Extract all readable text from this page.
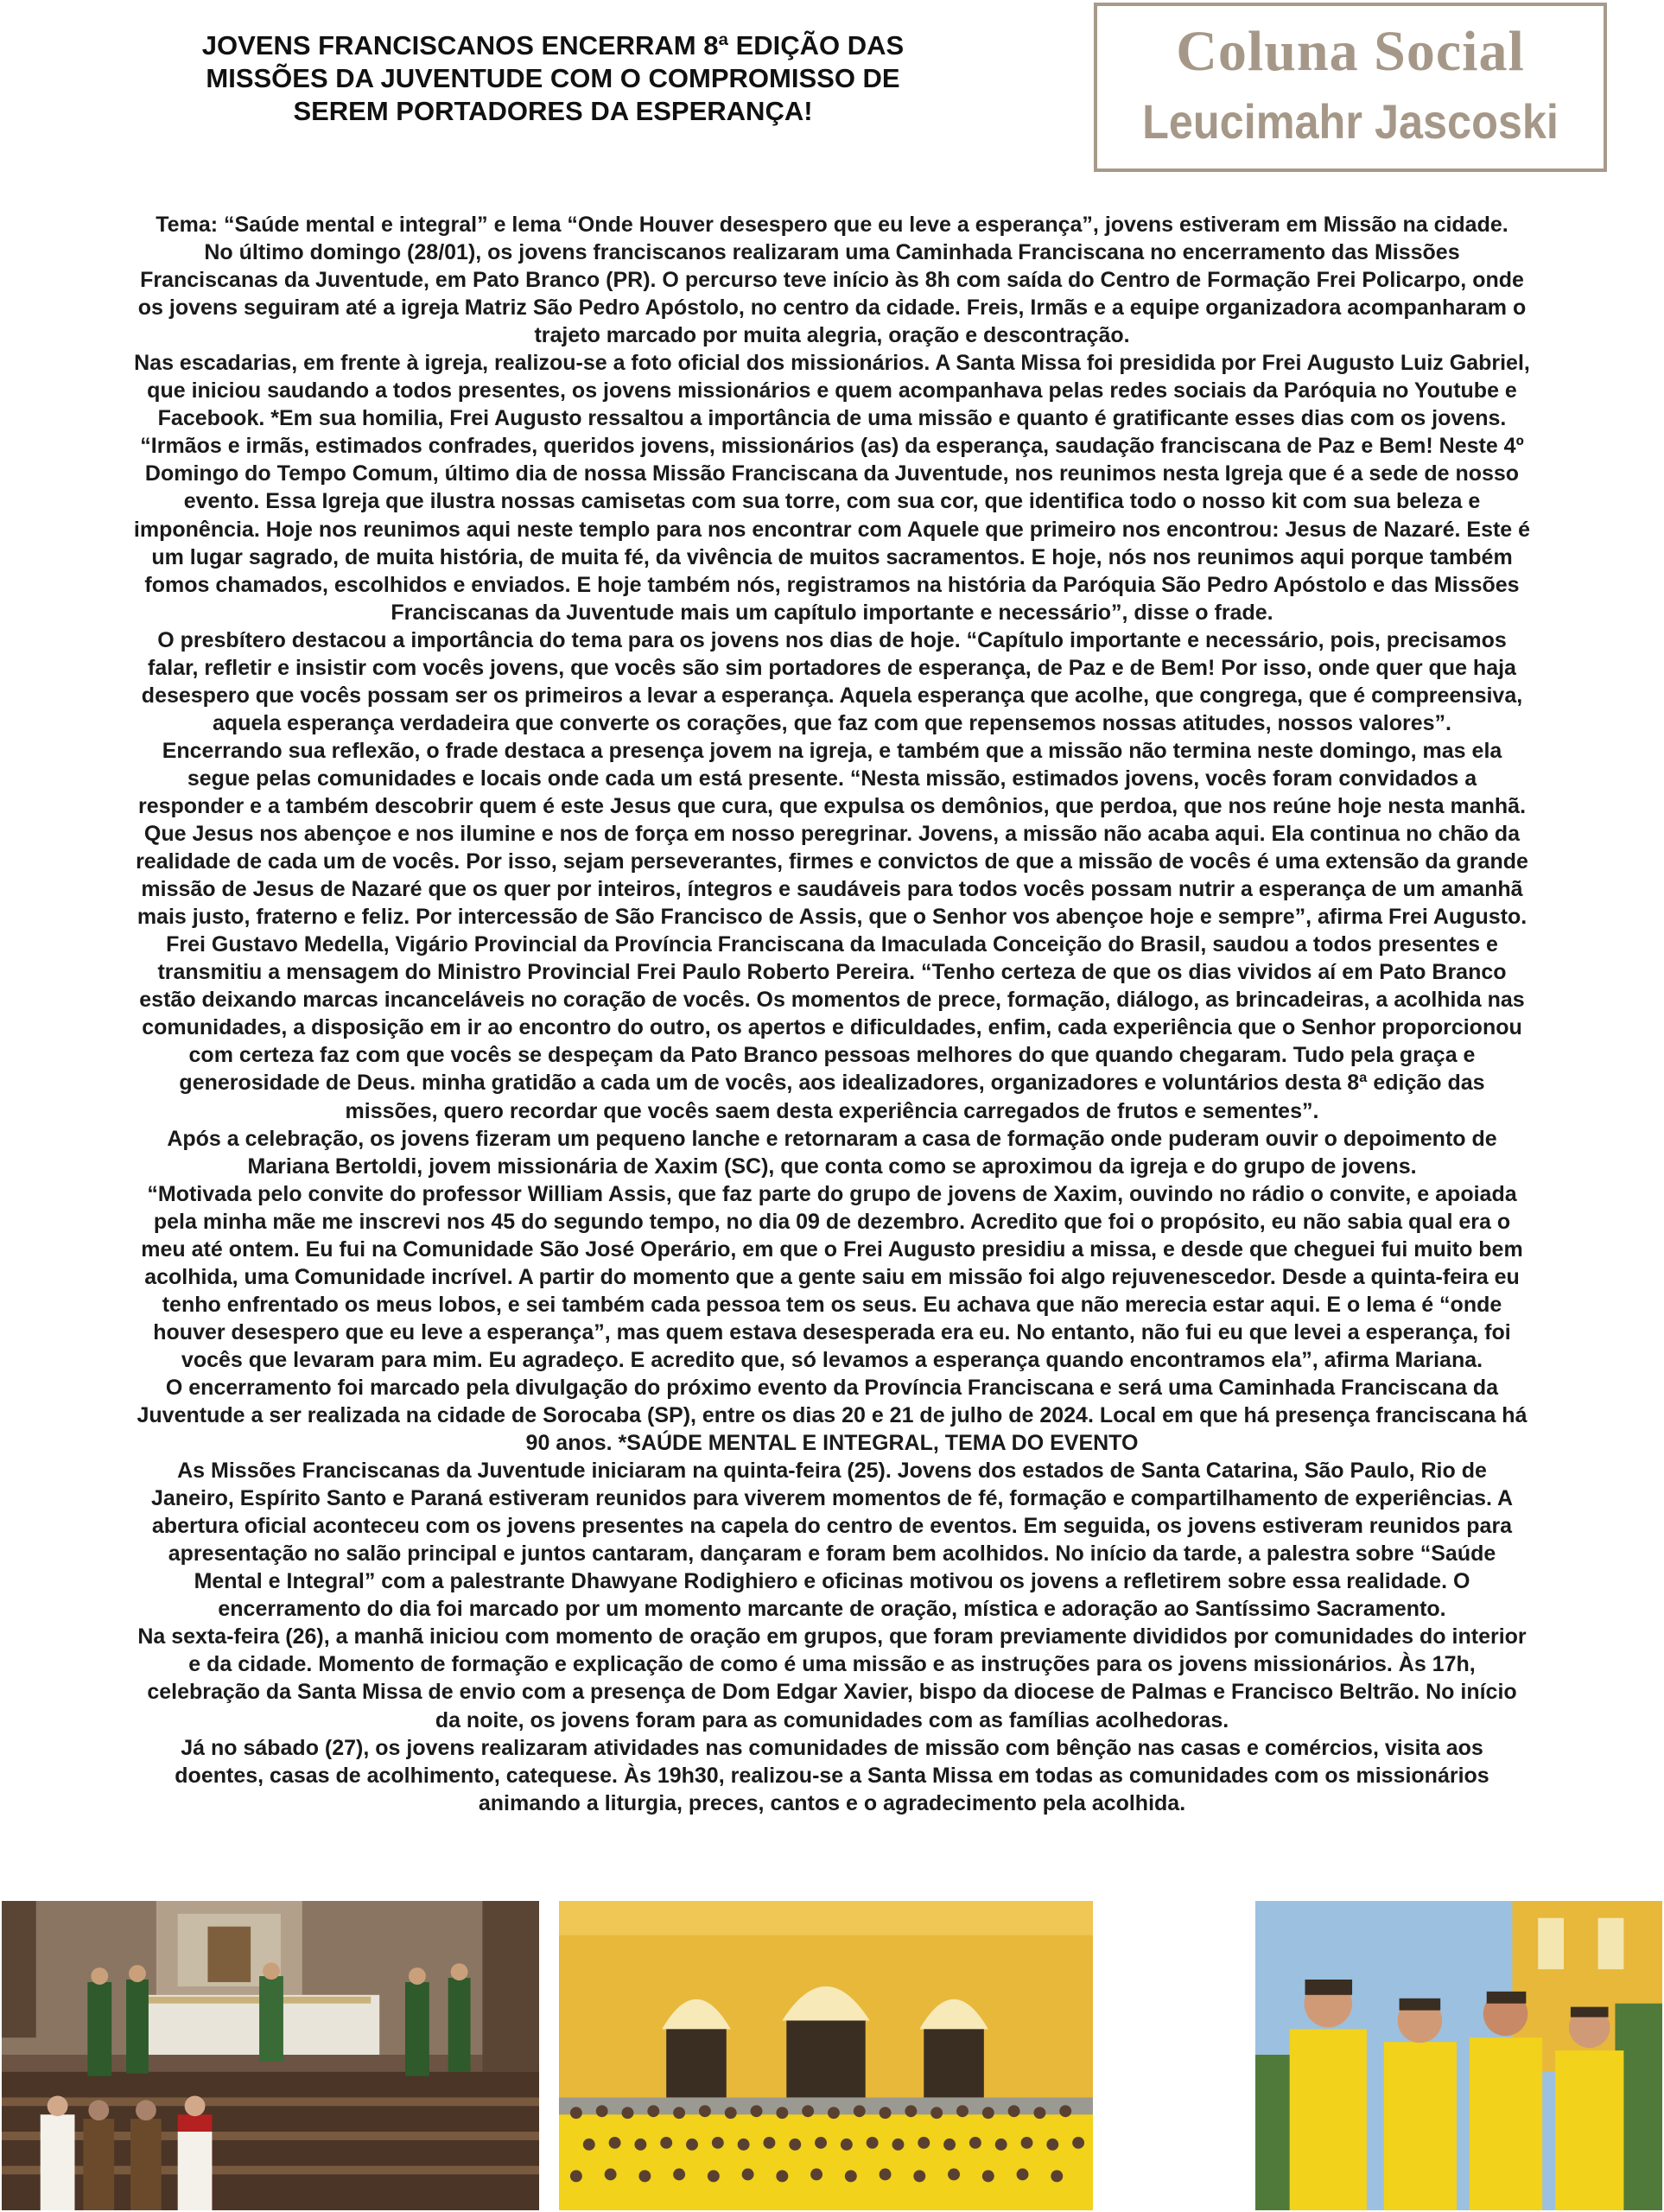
JOVENS FRANCISCANOS ENCERRAM 8ª EDIÇÃO DAS
MISSÕES DA JUVENTUDE COM O COMPROMISSO DE
SEREM PORTADORES DA ESPERANÇA!
Coluna Social
Leucimahr Jascoski
Tema: “Saúde mental e integral” e lema “Onde Houver desespero que eu leve a esperança”, jovens estiveram em Missão na cidade.
No último domingo (28/01), os jovens franciscanos realizaram uma Caminhada Franciscana no encerramento das Missões
Franciscanas da Juventude, em Pato Branco (PR). O percurso teve início às 8h com saída do Centro de Formação Frei Policarpo, onde
os jovens seguiram até a igreja Matriz São Pedro Apóstolo, no centro da cidade. Freis, Irmãs e a equipe organizadora acompanharam o
trajeto marcado por muita alegria, oração e descontração.
Nas escadarias, em frente à igreja, realizou-se a foto oficial dos missionários. A Santa Missa foi presidida por Frei Augusto Luiz Gabriel,
que iniciou saudando a todos presentes, os jovens missionários e quem acompanhava pelas redes sociais da Paróquia no Youtube e
Facebook. *Em sua homilia, Frei Augusto ressaltou a importância de uma missão e quanto é gratificante esses dias com os jovens.
“Irmãos e irmãs, estimados confrades, queridos jovens, missionários (as) da esperança, saudação franciscana de Paz e Bem! Neste 4º
Domingo do Tempo Comum, último dia de nossa Missão Franciscana da Juventude, nos reunimos nesta Igreja que é a sede de nosso
evento. Essa Igreja que ilustra nossas camisetas com sua torre, com sua cor, que identifica todo o nosso kit com sua beleza e
imponência. Hoje nos reunimos aqui neste templo para nos encontrar com Aquele que primeiro nos encontrou: Jesus de Nazaré. Este é
um lugar sagrado, de muita história, de muita fé, da vivência de muitos sacramentos. E hoje, nós nos reunimos aqui porque também
fomos chamados, escolhidos e enviados. E hoje também nós, registramos na história da Paróquia São Pedro Apóstolo e das Missões
Franciscanas da Juventude mais um capítulo importante e necessário”, disse o frade.
O presbítero destacou a importância do tema para os jovens nos dias de hoje. “Capítulo importante e necessário, pois, precisamos
falar, refletir e insistir com vocês jovens, que vocês são sim portadores de esperança, de Paz e de Bem! Por isso, onde quer que haja
desespero que vocês possam ser os primeiros a levar a esperança. Aquela esperança que acolhe, que congrega, que é compreensiva,
aquela esperança verdadeira que converte os corações, que faz com que repensemos nossas atitudes, nossos valores”.
Encerrando sua reflexão, o frade destaca a presença jovem na igreja, e também que a missão não termina neste domingo, mas ela
segue pelas comunidades e locais onde cada um está presente. “Nesta missão, estimados jovens, vocês foram convidados a
responder e a também descobrir quem é este Jesus que cura, que expulsa os demônios, que perdoa, que nos reúne hoje nesta manhã.
Que Jesus nos abençoe e nos ilumine e nos de força em nosso peregrinar. Jovens, a missão não acaba aqui. Ela continua no chão da
realidade de cada um de vocês. Por isso, sejam perseverantes, firmes e convictos de que a missão de vocês é uma extensão da grande
missão de Jesus de Nazaré que os quer por inteiros, íntegros e saudáveis para todos vocês possam nutrir a esperança de um amanhã
mais justo, fraterno e feliz. Por intercessão de São Francisco de Assis, que o Senhor vos abençoe hoje e sempre”, afirma Frei Augusto.
Frei Gustavo Medella, Vigário Provincial da Província Franciscana da Imaculada Conceição do Brasil, saudou a todos presentes e
transmitiu a mensagem do Ministro Provincial Frei Paulo Roberto Pereira. “Tenho certeza de que os dias vividos aí em Pato Branco
estão deixando marcas incanceláveis no coração de vocês. Os momentos de prece, formação, diálogo, as brincadeiras, a acolhida nas
comunidades, a disposição em ir ao encontro do outro, os apertos e dificuldades, enfim, cada experiência que o Senhor proporcionou
com certeza faz com que vocês se despeçam da Pato Branco pessoas melhores do que quando chegaram. Tudo pela graça e
generosidade de Deus. minha gratidão a cada um de vocês, aos idealizadores, organizadores e voluntários desta 8ª edição das
missões, quero recordar que vocês saem desta experiência carregados de frutos e sementes”.
Após a celebração, os jovens fizeram um pequeno lanche e retornaram a casa de formação onde puderam ouvir o depoimento de
Mariana Bertoldi, jovem missionária de Xaxim (SC), que conta como se aproximou da igreja e do grupo de jovens.
“Motivada pelo convite do professor William Assis, que faz parte do grupo de jovens de Xaxim, ouvindo no rádio o convite, e apoiada
pela minha mãe me inscrevi nos 45 do segundo tempo, no dia 09 de dezembro. Acredito que foi o propósito, eu não sabia qual era o
meu até ontem. Eu fui na Comunidade São José Operário, em que o Frei Augusto presidiu a missa, e desde que cheguei fui muito bem
acolhida, uma Comunidade incrível. A partir do momento que a gente saiu em missão foi algo rejuvenescedor. Desde a quinta-feira eu
tenho enfrentado os meus lobos, e sei também cada pessoa tem os seus. Eu achava que não merecia estar aqui. E o lema é “onde
houver desespero que eu leve a esperança”, mas quem estava desesperada era eu. No entanto, não fui eu que levei a esperança, foi
vocês que levaram para mim. Eu agradeço. E acredito que, só levamos a esperança quando encontramos ela”, afirma Mariana.
O encerramento foi marcado pela divulgação do próximo evento da Província Franciscana e será uma Caminhada Franciscana da
Juventude a ser realizada na cidade de Sorocaba (SP), entre os dias 20 e 21 de julho de 2024. Local em que há presença franciscana há
90 anos. *SAÚDE MENTAL E INTEGRAL, TEMA DO EVENTO
As Missões Franciscanas da Juventude iniciaram na quinta-feira (25). Jovens dos estados de Santa Catarina, São Paulo, Rio de
Janeiro, Espírito Santo e Paraná estiveram reunidos para viverem momentos de fé, formação e compartilhamento de experiências. A
abertura oficial aconteceu com os jovens presentes na capela do centro de eventos. Em seguida, os jovens estiveram reunidos para
apresentação no salão principal e juntos cantaram, dançaram e foram bem acolhidos. No início da tarde, a palestra sobre “Saúde
Mental e Integral” com a palestrante Dhawyane Rodighiero e oficinas motivou os jovens a refletirem sobre essa realidade. O
encerramento do dia foi marcado por um momento marcante de oração, mística e adoração ao Santíssimo Sacramento.
Na sexta-feira (26), a manhã iniciou com momento de oração em grupos, que foram previamente divididos por comunidades do interior
e da cidade. Momento de formação e explicação de como é uma missão e as instruções para os jovens missionários. Às 17h,
celebração da Santa Missa de envio com a presença de Dom Edgar Xavier, bispo da diocese de Palmas e Francisco Beltrão. No início
da noite, os jovens foram para as comunidades com as famílias acolhedoras.
Já no sábado (27), os jovens realizaram atividades nas comunidades de missão com bênção nas casas e comércios, visita aos
doentes, casas de acolhimento, catequese. Às 19h30, realizou-se a Santa Missa em todas as comunidades com os missionários
animando a liturgia, preces, cantos e o agradecimento pela acolhida.
